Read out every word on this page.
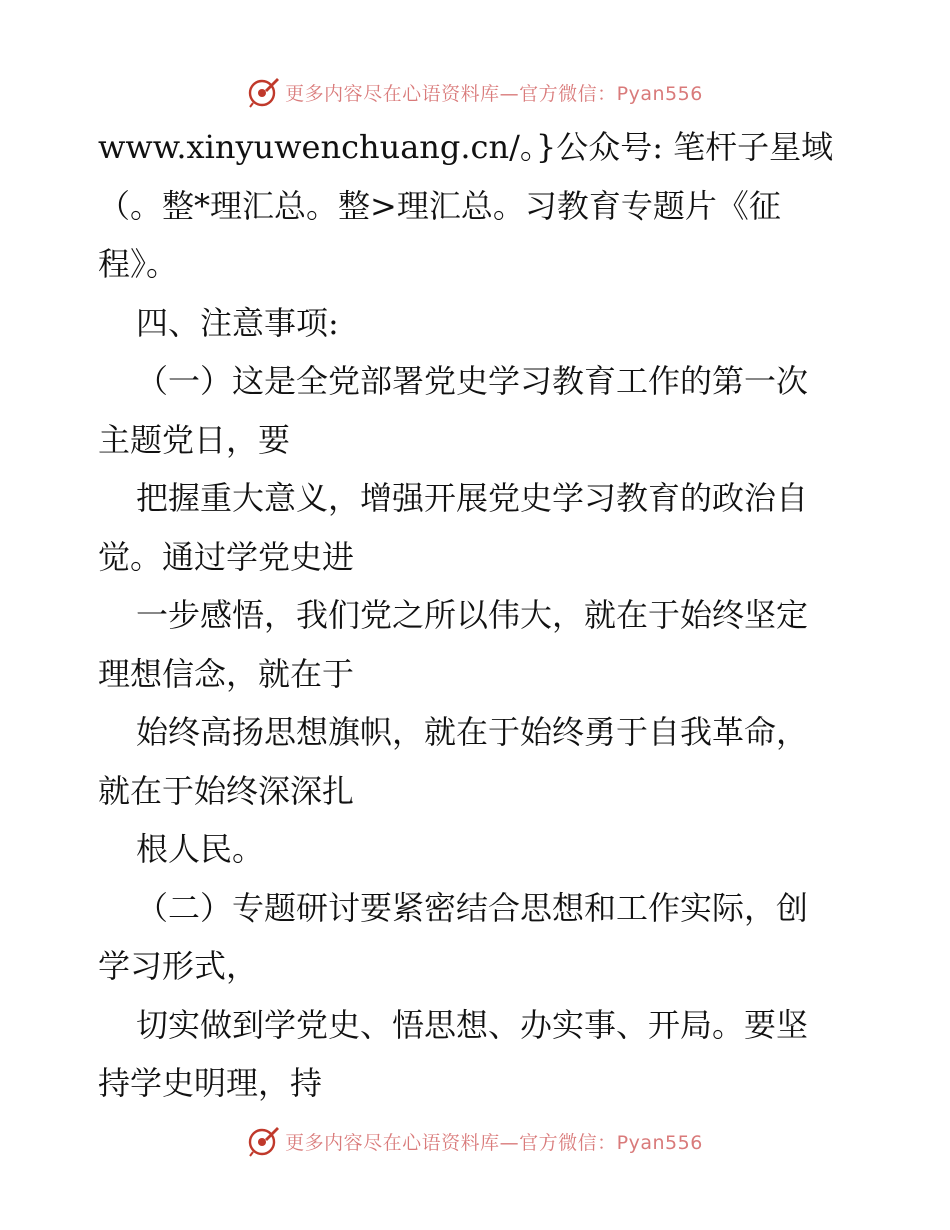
更多内容尽在心语资料库—官方微信：Pyan556
www.xinyuwenchuang.cn/。}公众号: 笔杆子星域
（。整*理汇总。整>理汇总。习教育专题片《征
程》。
四、注意事项:
（一）这是全党部署党史学习教育工作的第一次
主题党日，要
把握重大意义，增强开展党史学习教育的政治自
觉。通过学党史进
一步感悟，我们党之所以伟大，就在于始终坚定
理想信念，就在于
始终高扬思想旗帜，就在于始终勇于自我革命，
就在于始终深深扎
根人民。
（二）专题研讨要紧密结合思想和工作实际，创
学习形式，
切实做到学党史、悟思想、办实事、开局。要坚
持学史明理，持
更多内容尽在心语资料库—官方微信：Pyan556
